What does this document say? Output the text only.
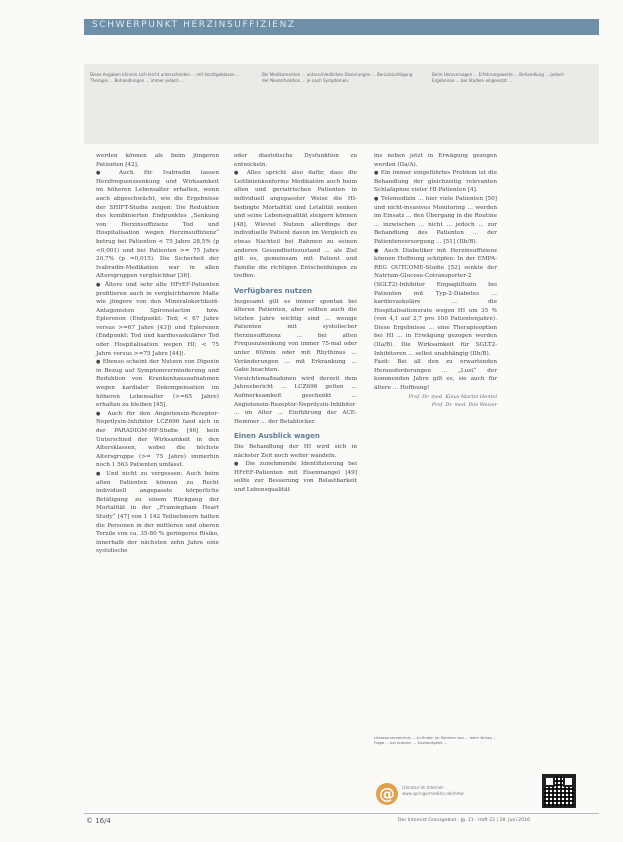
SCHWERPUNKT HERZINSUFFIZIENZ
Diese Angaben können sich leicht unterscheiden ... mit hochtgeblasen ... Therapie ... Behandlungen ... immer jedoch ...
Bei Medikamenten ... unterschiedlichen Dosierungen ... Berücksichtigung der Nierenfunktion ... je nach Symptomen.
Beim Herzversagen ... Erfahrungswerte ... Behandlung ... jedoch Ergebnisse ... bei Studien eingesetzt ...

werden können als beim jüngeren Patienten [42].

● Auch für Ivabradin lassen Herzfrequenzsenkung und Wirksamkeit im höheren Lebensalter erhalten, wenn auch abgeschwächt, wie die Ergebnisse der SHIFT-Studie zeigen: Die Reduktion des kombinierten Endpunktes „Senkung von Herzinsuffizienz Tod und Hospitalisation wegen Herzinsuffizienz“ betrug bei Patienten < 75 Jahre 28,5% (p <0,001) und bei Patienten >= 75 Jahre 20,7% (p =0,015). Die Sicherheit der Ivabradin-Medikation war in allen Altersgruppen vergleichbar [36].

● Ältere und sehr alte HFrEF-Patienten profitieren auch in vergleichbarem Maße wie jüngere von den Mineralokortikoid-Antagonisten Spironolacton bzw. Eplerenon (Endpunkt: Tod; < 67 Jahre versus >=67 Jahre [43]) und Eplerenon (Endpunkt: Tod und kardiovaskulärer Tod oder Hospitalisation wegen HI; < 75 Jahre versus >=75 Jahre [44]).

● Ebenso scheint der Nutzen von Digoxin in Bezug auf Symptomverminderung und Reduktion von Krankenhausaufnahmen wegen kardialer Dekompensation im höheren Lebensalter (>=65 Jahre) erhalten zu bleiben [45].

● Auch für den Angiotensin-Rezeptor-Neprilysin-Inhibitor LCZ696 fand sich in der PARADIGM-HF-Studie [46] kein Unterschied der Wirksamkeit in den Altersklassen, wobei die höchste Altersgruppe (>= 75 Jahre) immerhin noch 1 563 Patienten umfasst.

● Und nicht zu vergessen: Auch beim alten Patienten können zu Recht individuell angepasste körperliche Betätigung zu einem Rückgang der Mortalität in der „Framingham Heart Study“ [47] von 1 142 Teilnehmern hatten die Personen in der mittleren und oberen Terzile von ca. 35-80 % geringeres Risiko, innerhalb der nächsten zehn Jahre eine systolische

oder diastolische Dysfunktion zu entwickeln.

● Alles spricht also dafür, dass die Leitlinienkonforme Medikation auch beim alten und geriatrischen Patienten in individuell angepasster Weise die HI-bedingte Mortalität und Letalität senken und seine Lebensqualität steigern können [48]. Wieviel Nutzen allerdings der individuelle Patient davon im Vergleich zu etwas Nachteil bei Rahmen zu seinen anderen Gesundheitszustand ... als Ziel gilt es, gemeinsam mit Patient und Familie die richtigen Entscheidungen zu treffen.

Verfügbares nutzen

Insgesamt gilt es immer spontan bei älteren Patienten, aber sollten auch die letzten Jahre wichtig sind ... wenige Patienten mit systolischer Herzinsuffizienz ... bei alten Frequenzsenkung von immer 75-mal oder unter 60/min oder mit Rhythmus ... Veränderungen ... mit Erkrankung ... Gabe beachten.

Vorsichtsmaßnahmen wird derzeit dem Jahresbericht ... LCZ696 gelten ... Aufmerksamkeit geschenkt ... Angiotensin-Rezeptor-Neprilysin-Inhibitor ... im Alter ... Einführung der ACE-Hemmer ... der Betablocker.

Einen Ausblick wagen

Die Behandlung der HI wird sich in nächster Zeit noch weiter wandeln.

● Die zunehmende Identifizierung bei HFrEF-Patienten mit Eisenmangel [49] sollte zur Besserung von Belastbarkeit und Lebensqualität

ins neben jetzt in Erwägung gezogen werden (IIa/A).

● Ein immer eingeführtes Problem ist die Behandlung der gleichzeitig relevanten Schlafapnoe vieler HI-Patienten [4].

● Telemedizin ... hier viele Patienten [50] und nicht-invasives Monitoring ... werden im Einsatz ... den Übergang in die Routine ... inzwischen ... nicht ... jedoch ... zur Behandlung des Patienten ... der Patientenversorgung ... [51] (IIb/B).

● Auch Diabetiker mit Herzinsuffizienz können Hoffnung schöpfen: In der EMPA-REG OUTCOME-Studie [52] senkte der Natrium-Glucose-Cotransporter-2 (SGLT2)-Inhibitor Empagliflozin bei Patienten mit Typ-2-Diabetes ... kardiovaskuläre ... die Hospitalisationsrate wegen HI um 35 % (von 4,1 auf 2,7 pro 100 Patientenjahre). Diese Ergebnisse ... eine Therapieoption bei HI ... in Erwägung gezogen werden (IIa/B). Die Wirksamkeit für SGLT2-Inhibitoren ... selbst unabhängig (IIb/B).

Fazit: Bei all den zu erwartenden Herausforderungen ... „Lust“ der kommenden Jahre gilt es, sie auch für ältere ... Hoffnung!

Prof. Dr. med. Klaus Martin Hentel
Prof. Dr. med. Ihle Weiser
Literaturverzeichnis ... zu finden im Rahmen von ... beim Verlag ... Frage ... bei Autoren ... Zuständigkeit ...
@	Literatur im Internet: www.springermedizin.de/mmw
© 16/4	Der Internist Grenzgebiet · Jg. 11 · Heft 22 | 28. Juni 2016
